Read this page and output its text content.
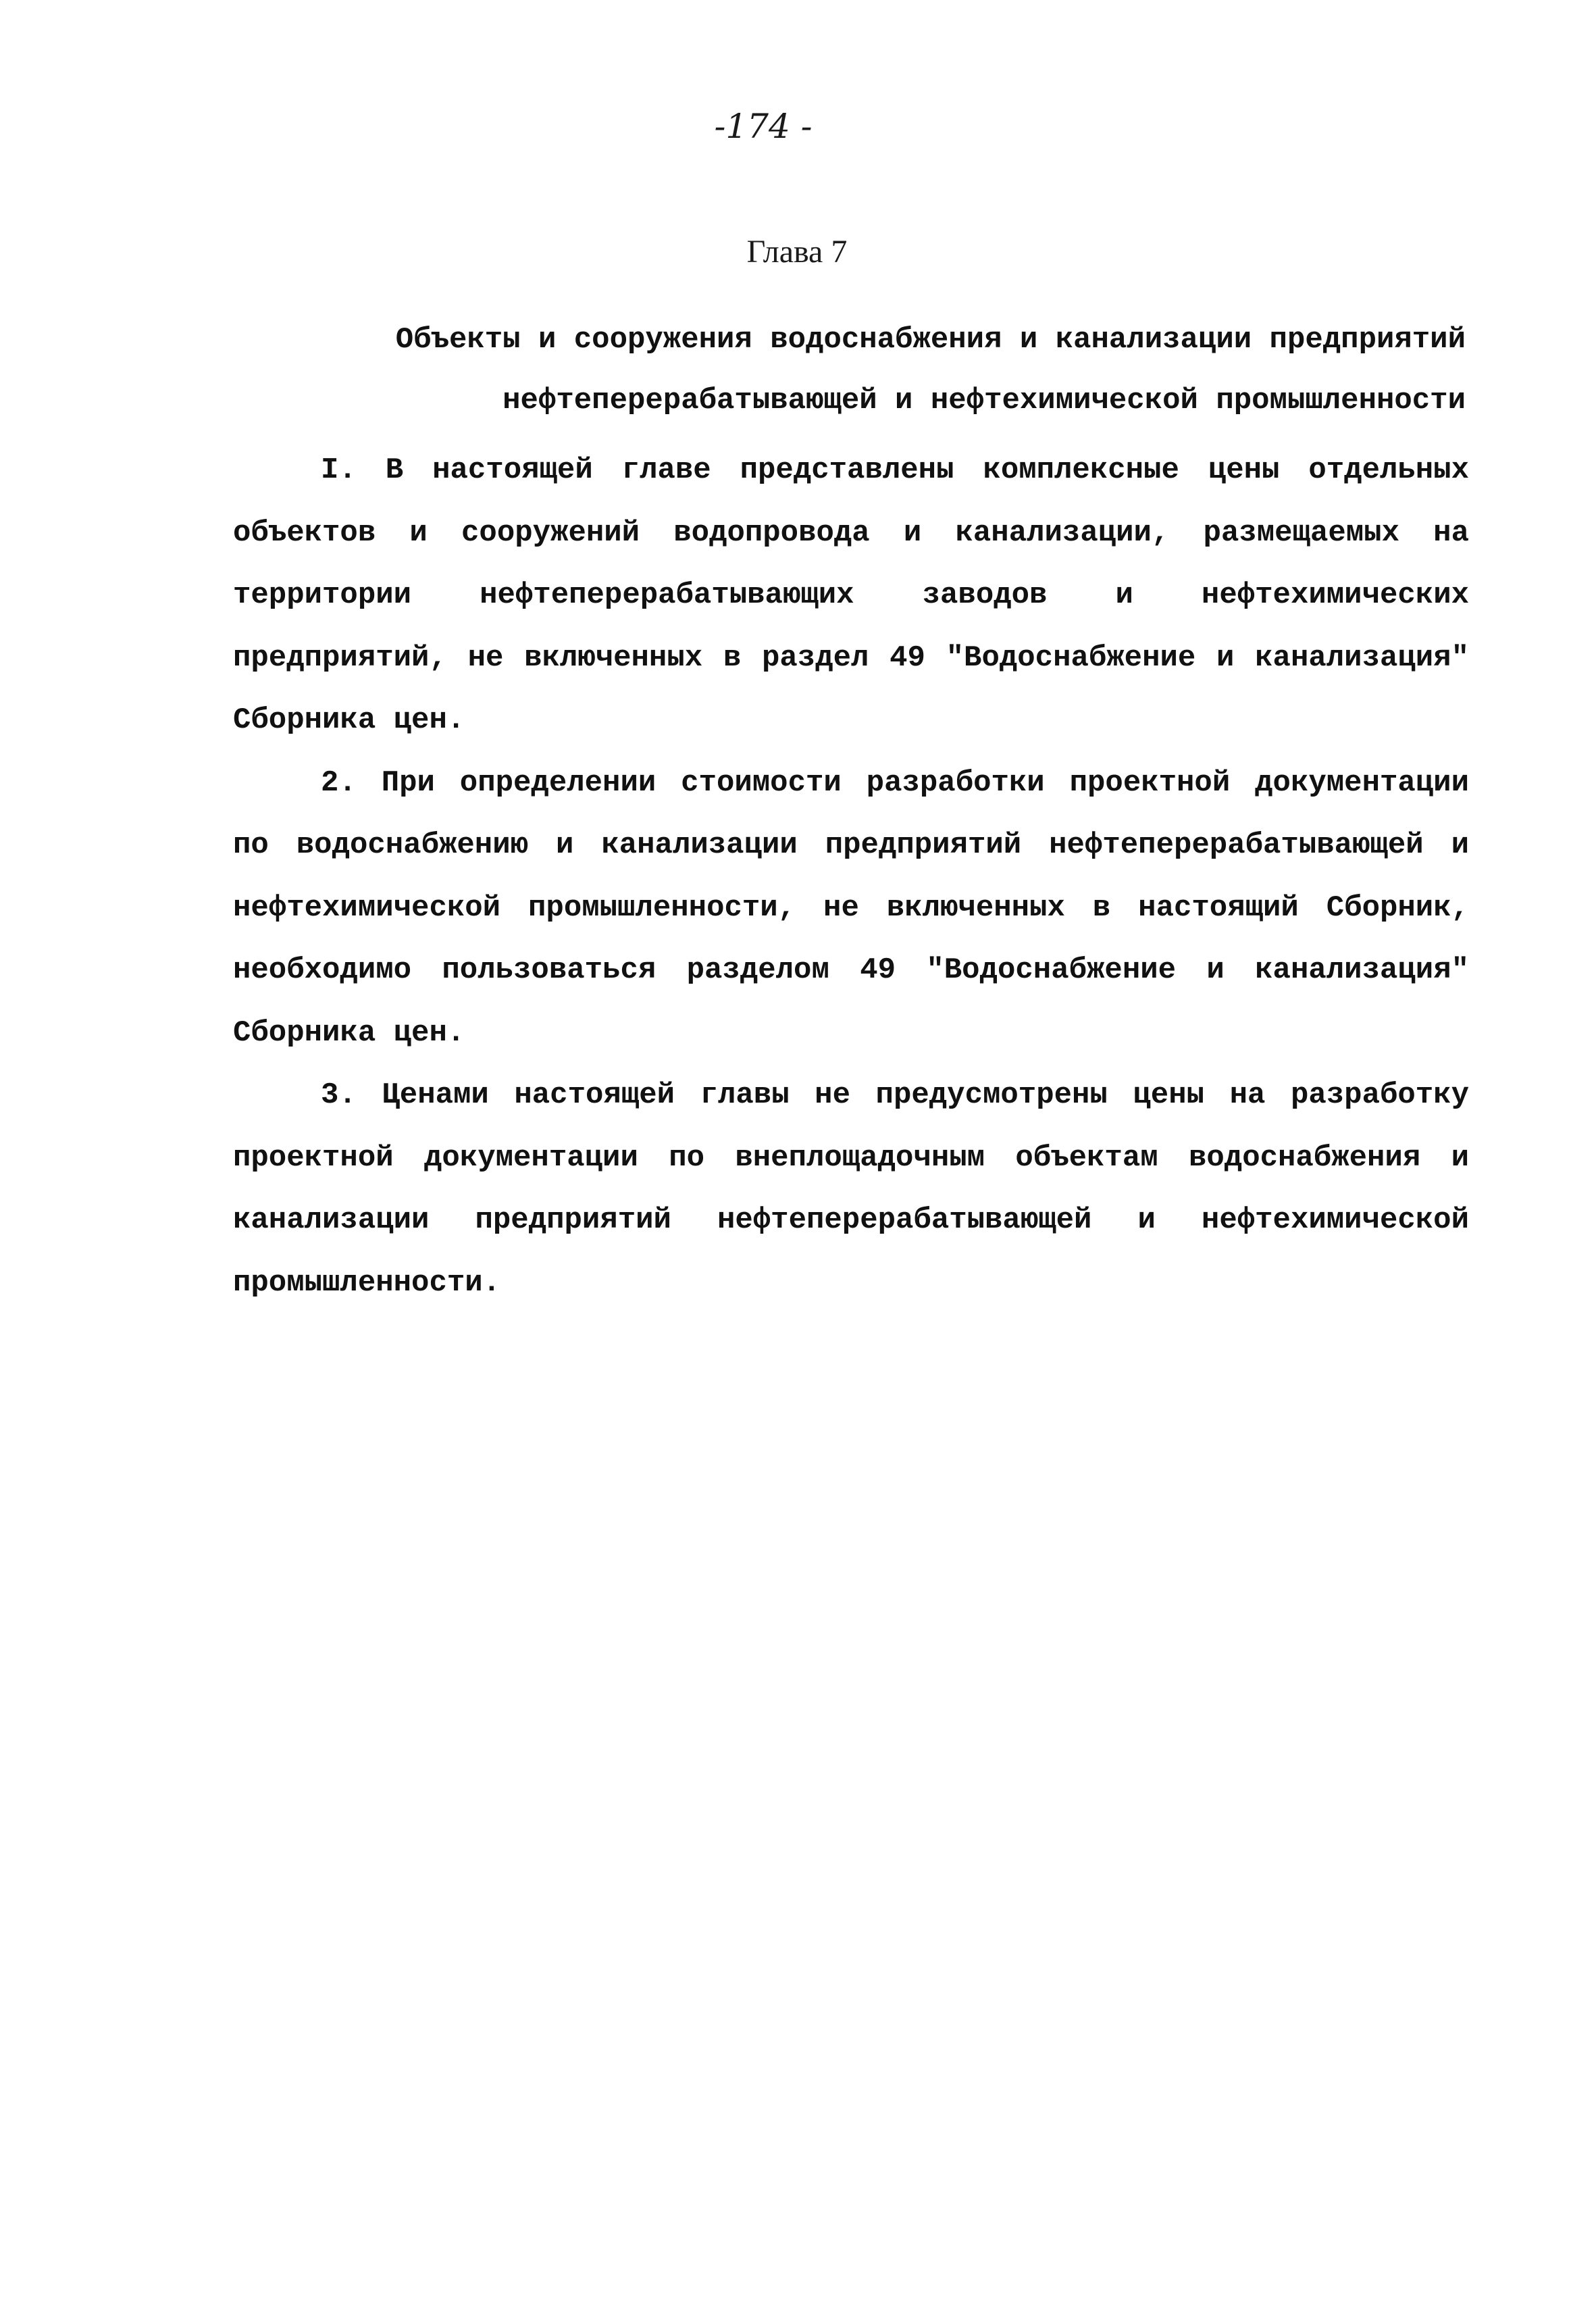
-174 -
Глава 7
Объекты и сооружения водоснабжения и канализации предприятий
нефтеперерабатывающей и нефтехимической промышленности

I. В настоящей главе представлены комплексные цены отдельных объектов и сооружений водопровода и канализации, размещаемых на территории нефтеперерабатывающих заводов и нефтехимических предприятий, не включенных в раздел 49 "Водоснабжение и канализация" Сборника цен.

2. При определении стоимости разработки проектной документации по водоснабжению и канализации предприятий нефтеперерабатывающей и нефтехимической промышленности, не включенных в настоящий Сборник, необходимо пользоваться разделом 49 "Водоснабжение и канализация" Сборника цен.

3. Ценами настоящей главы не предусмотрены цены на разработку проектной документации по внеплощадочным объектам водоснабжения и канализации предприятий нефтеперерабатывающей и нефтехимической промышленности.
